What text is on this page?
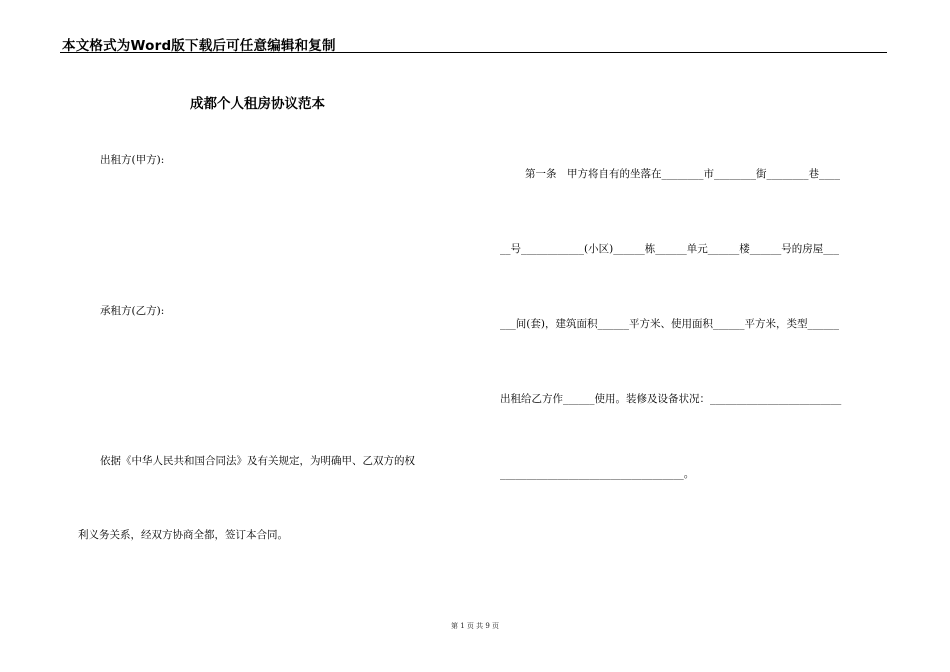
本文格式为Word版下载后可任意编辑和复制
成都个人租房协议范本
出租方(甲方):
承租方(乙方):
依据《中华人民共和国合同法》及有关规定，为明确甲、乙双方的权
利义务关系，经双方协商全都，签订本合同。
第一条　甲方将自有的坐落在________市________街________巷____
__号____________(小区)______栋______单元______楼______号的房屋___
___间(套)，建筑面积______平方米、使用面积______平方米，类型______
出租给乙方作______使用。装修及设备状况：_________________________
___________________________________。
第 1 页 共 9 页
